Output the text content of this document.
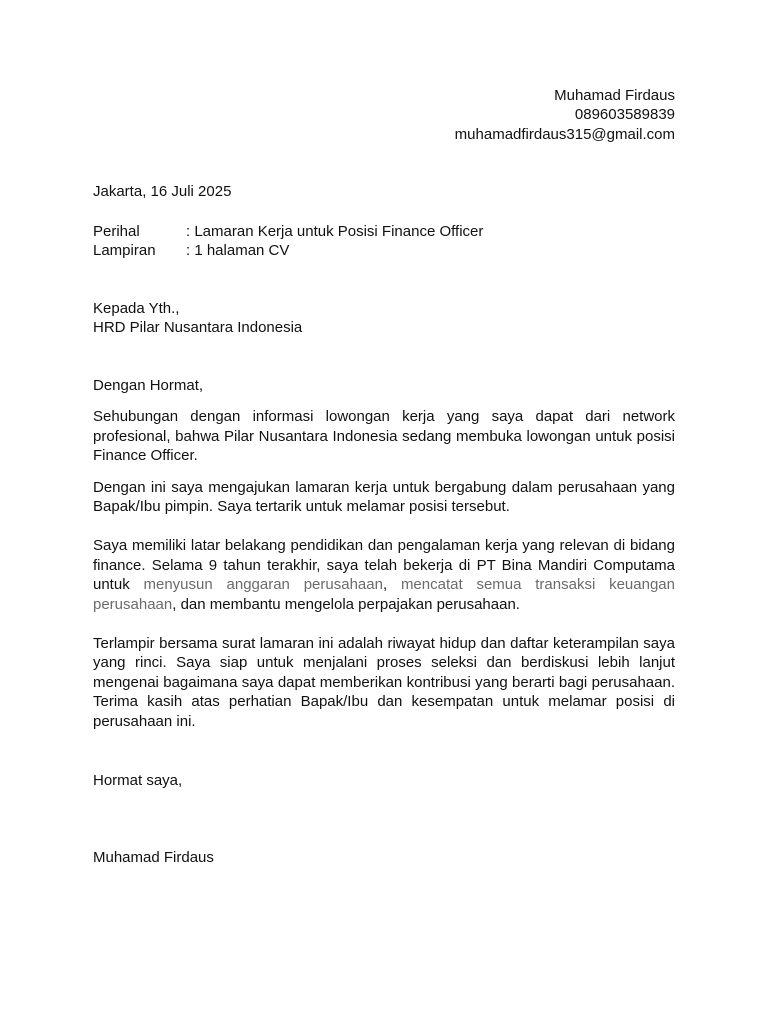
Muhamad Firdaus
089603589839
muhamadfirdaus315@gmail.com
Jakarta, 16 Juli 2025
Perihal	: Lamaran Kerja untuk Posisi Finance Officer
Lampiran	: 1 halaman CV
Kepada Yth.,
HRD Pilar Nusantara Indonesia

Dengan Hormat,

Sehubungan dengan informasi lowongan kerja yang saya dapat dari network profesional, bahwa Pilar Nusantara Indonesia sedang membuka lowongan untuk posisi Finance Officer.

Dengan ini saya mengajukan lamaran kerja untuk bergabung dalam perusahaan yang Bapak/Ibu pimpin. Saya tertarik untuk melamar posisi tersebut.

Saya memiliki latar belakang pendidikan dan pengalaman kerja yang relevan di bidang finance. Selama 9 tahun terakhir, saya telah bekerja di PT Bina Mandiri Computama untuk menyusun anggaran perusahaan, mencatat semua transaksi keuangan perusahaan, dan membantu mengelola perpajakan perusahaan.

Terlampir bersama surat lamaran ini adalah riwayat hidup dan daftar keterampilan saya yang rinci. Saya siap untuk menjalani proses seleksi dan berdiskusi lebih lanjut mengenai bagaimana saya dapat memberikan kontribusi yang berarti bagi perusahaan. Terima kasih atas perhatian Bapak/Ibu dan kesempatan untuk melamar posisi di perusahaan ini.

Hormat saya,
Muhamad Firdaus
